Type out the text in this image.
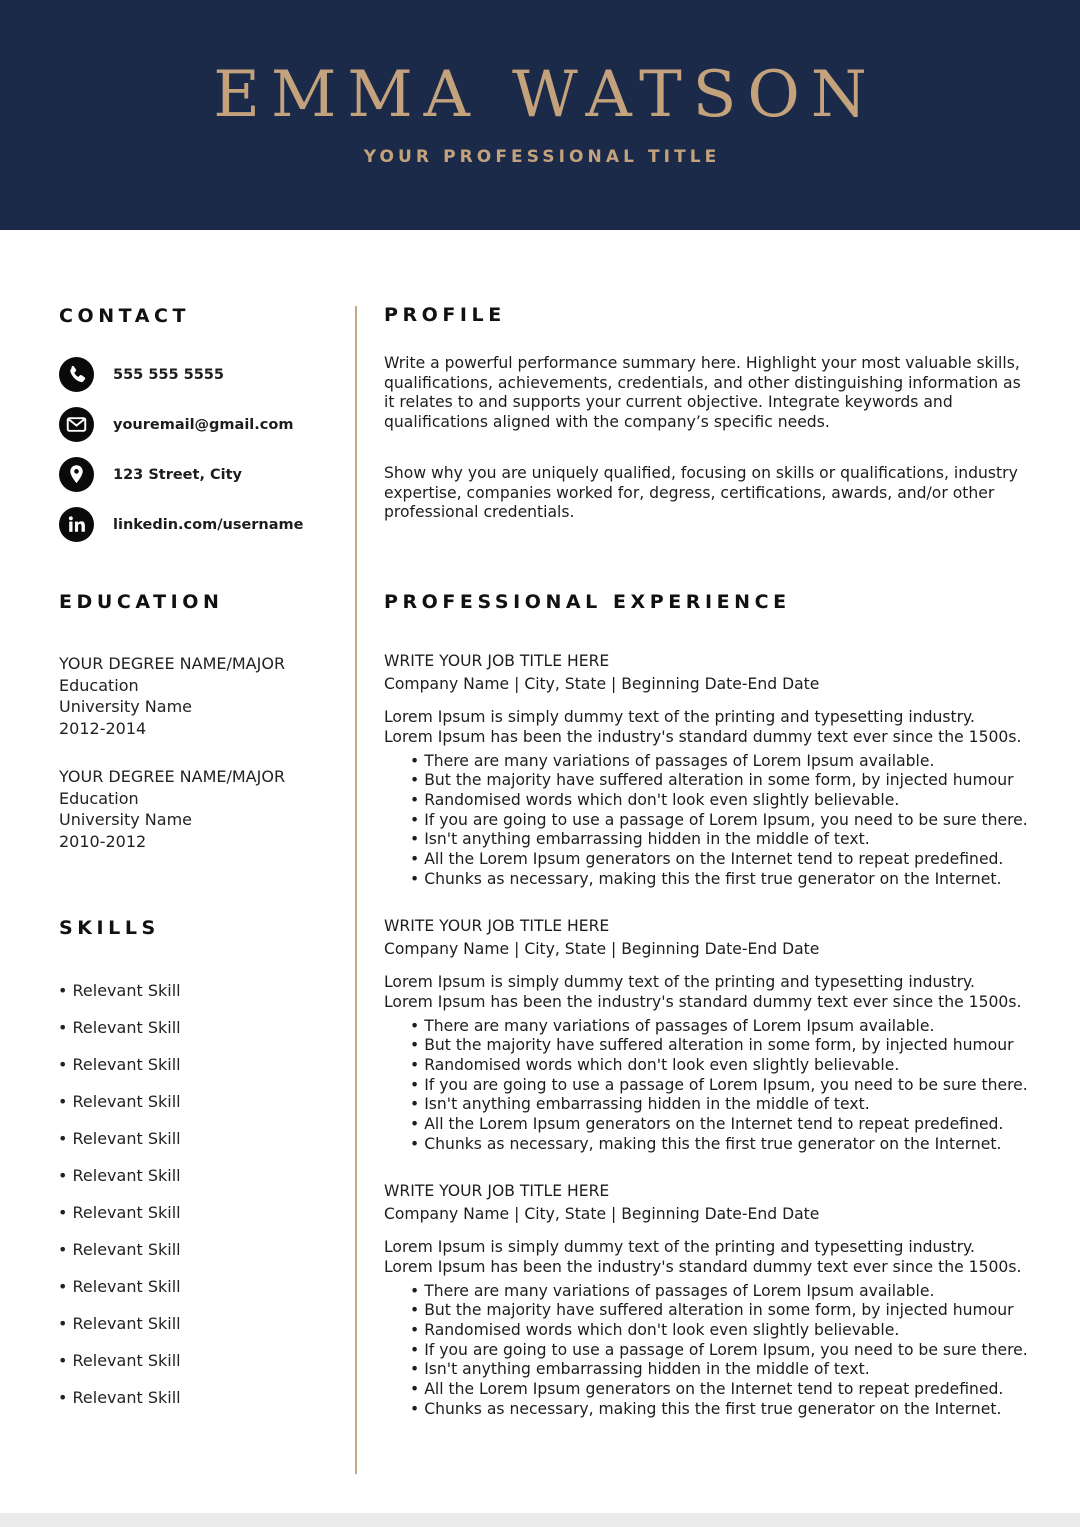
EMMA WATSON
YOUR PROFESSIONAL TITLE
CONTACT
555 555 5555
youremail@gmail.com
123 Street, City
linkedin.com/username
EDUCATION
YOUR DEGREE NAME/MAJOR
Education
University Name
2012-2014
YOUR DEGREE NAME/MAJOR
Education
University Name
2010-2012
SKILLS
• Relevant Skill
• Relevant Skill
• Relevant Skill
• Relevant Skill
• Relevant Skill
• Relevant Skill
• Relevant Skill
• Relevant Skill
• Relevant Skill
• Relevant Skill
• Relevant Skill
• Relevant Skill
PROFILE

Write a powerful performance summary here. Highlight your most valuable skills, qualifications, achievements, credentials, and other distinguishing information as it relates to and supports your current objective. Integrate keywords and qualifications aligned with the company’s specific needs.

Show why you are uniquely qualified, focusing on skills or qualifications, industry expertise, companies worked for, degress, certifications, awards, and/or other professional credentials.

PROFESSIONAL EXPERIENCE
WRITE YOUR JOB TITLE HERE
Company Name | City, State | Beginning Date-End Date
Lorem Ipsum is simply dummy text of the printing and typesetting industry.
Lorem Ipsum has been the industry's standard dummy text ever since the 1500s.
• There are many variations of passages of Lorem Ipsum available.
• But the majority have suffered alteration in some form, by injected humour
• Randomised words which don't look even slightly believable.
• If you are going to use a passage of Lorem Ipsum, you need to be sure there.
• Isn't anything embarrassing hidden in the middle of text.
• All the Lorem Ipsum generators on the Internet tend to repeat predefined.
• Chunks as necessary, making this the first true generator on the Internet.
WRITE YOUR JOB TITLE HERE
Company Name | City, State | Beginning Date-End Date
Lorem Ipsum is simply dummy text of the printing and typesetting industry.
Lorem Ipsum has been the industry's standard dummy text ever since the 1500s.
• There are many variations of passages of Lorem Ipsum available.
• But the majority have suffered alteration in some form, by injected humour
• Randomised words which don't look even slightly believable.
• If you are going to use a passage of Lorem Ipsum, you need to be sure there.
• Isn't anything embarrassing hidden in the middle of text.
• All the Lorem Ipsum generators on the Internet tend to repeat predefined.
• Chunks as necessary, making this the first true generator on the Internet.
WRITE YOUR JOB TITLE HERE
Company Name | City, State | Beginning Date-End Date
Lorem Ipsum is simply dummy text of the printing and typesetting industry.
Lorem Ipsum has been the industry's standard dummy text ever since the 1500s.
• There are many variations of passages of Lorem Ipsum available.
• But the majority have suffered alteration in some form, by injected humour
• Randomised words which don't look even slightly believable.
• If you are going to use a passage of Lorem Ipsum, you need to be sure there.
• Isn't anything embarrassing hidden in the middle of text.
• All the Lorem Ipsum generators on the Internet tend to repeat predefined.
• Chunks as necessary, making this the first true generator on the Internet.
